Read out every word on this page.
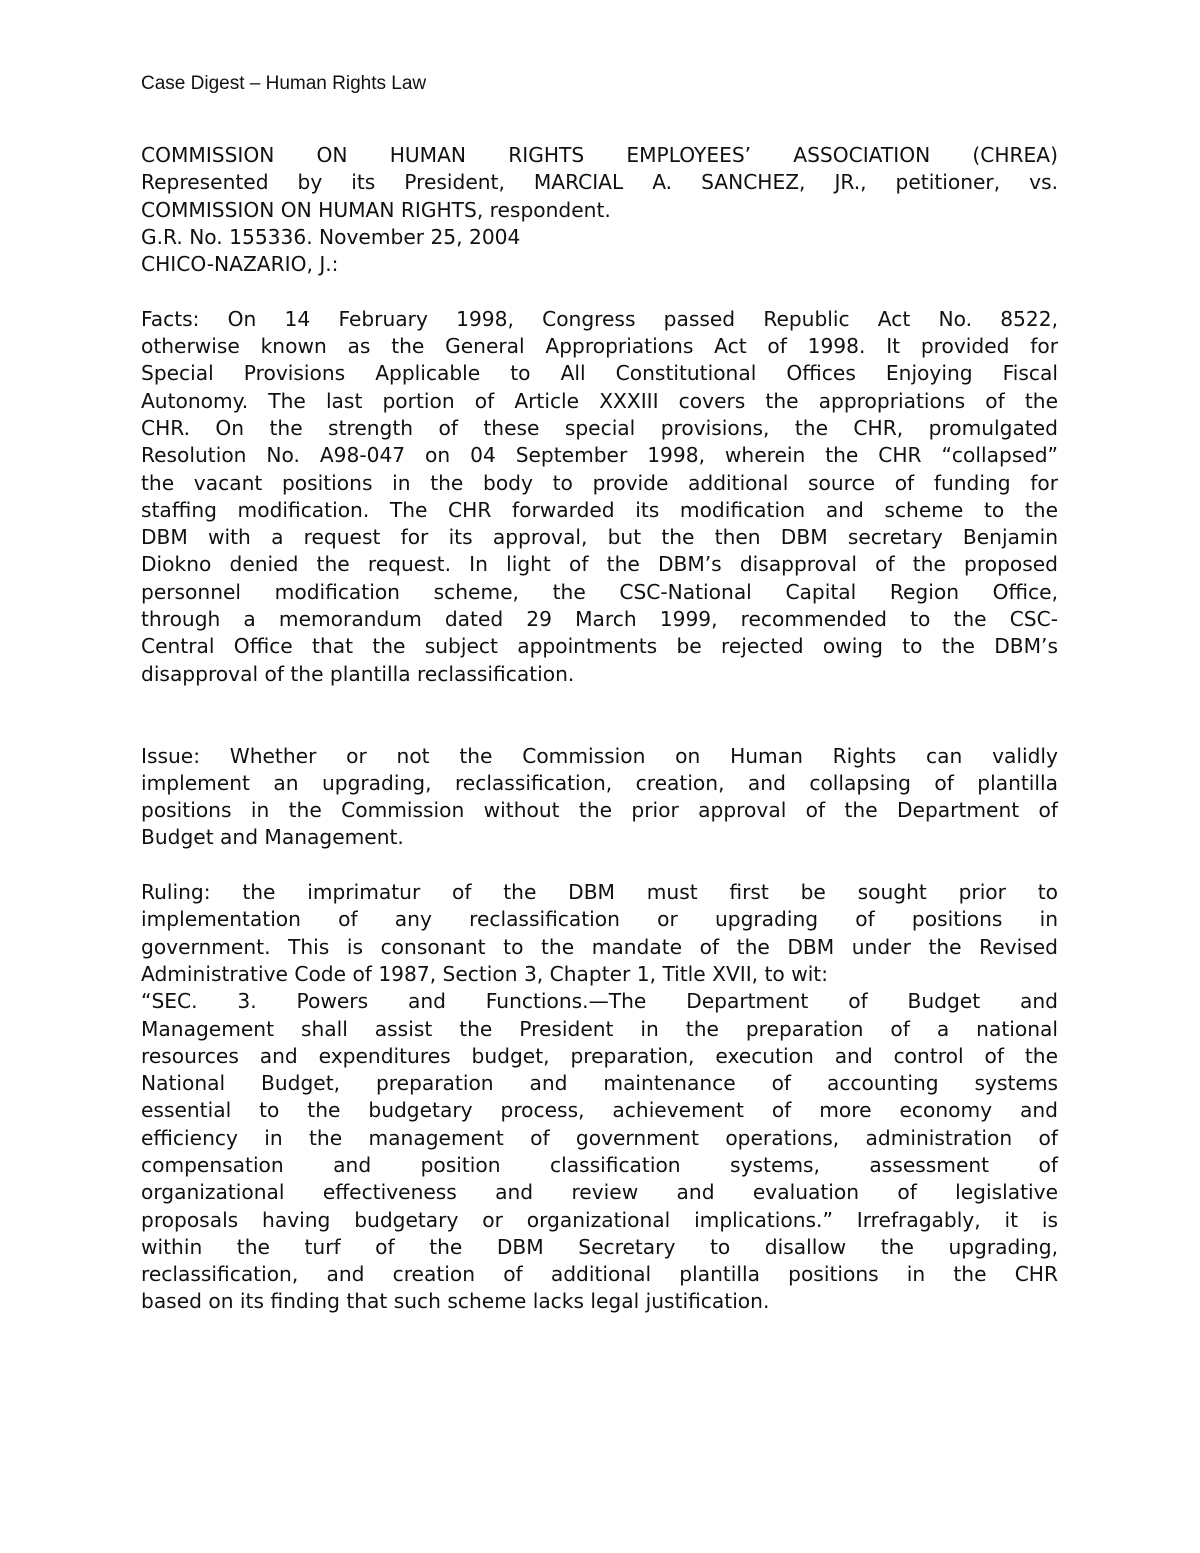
Case Digest – Human Rights Law
COMMISSION ON HUMAN RIGHTS EMPLOYEES’ ASSOCIATION (CHREA)
Represented by its President, MARCIAL A. SANCHEZ, JR., petitioner, vs.
COMMISSION ON HUMAN RIGHTS, respondent.
G.R. No. 155336. November 25, 2004
CHICO-NAZARIO, J.:

Facts: On 14 February 1998, Congress passed Republic Act No. 8522,
otherwise known as the General Appropriations Act of 1998. It provided for
Special Provisions Applicable to All Constitutional Offices Enjoying Fiscal
Autonomy. The last portion of Article XXXIII covers the appropriations of the
CHR. On the strength of these special provisions, the CHR, promulgated
Resolution No. A98-047 on 04 September 1998, wherein the CHR “collapsed”
the vacant positions in the body to provide additional source of funding for
staffing modification. The CHR forwarded its modification and scheme to the
DBM with a request for its approval, but the then DBM secretary Benjamin
Diokno denied the request. In light of the DBM’s disapproval of the proposed
personnel modification scheme, the CSC-National Capital Region Office,
through a memorandum dated 29 March 1999, recommended to the CSC-
Central Office that the subject appointments be rejected owing to the DBM’s
disapproval of the plantilla reclassification.

Issue: Whether or not the Commission on Human Rights can validly
implement an upgrading, reclassification, creation, and collapsing of plantilla
positions in the Commission without the prior approval of the Department of
Budget and Management.

Ruling: the imprimatur of the DBM must first be sought prior to
implementation of any reclassification or upgrading of positions in
government. This is consonant to the mandate of the DBM under the Revised
Administrative Code of 1987, Section 3, Chapter 1, Title XVII, to wit:
“SEC. 3. Powers and Functions.—The Department of Budget and
Management shall assist the President in the preparation of a national
resources and expenditures budget, preparation, execution and control of the
National Budget, preparation and maintenance of accounting systems
essential to the budgetary process, achievement of more economy and
efficiency in the management of government operations, administration of
compensation and position classification systems, assessment of
organizational effectiveness and review and evaluation of legislative
proposals having budgetary or organizational implications.” Irrefragably, it is
within the turf of the DBM Secretary to disallow the upgrading,
reclassification, and creation of additional plantilla positions in the CHR
based on its finding that such scheme lacks legal justification.
